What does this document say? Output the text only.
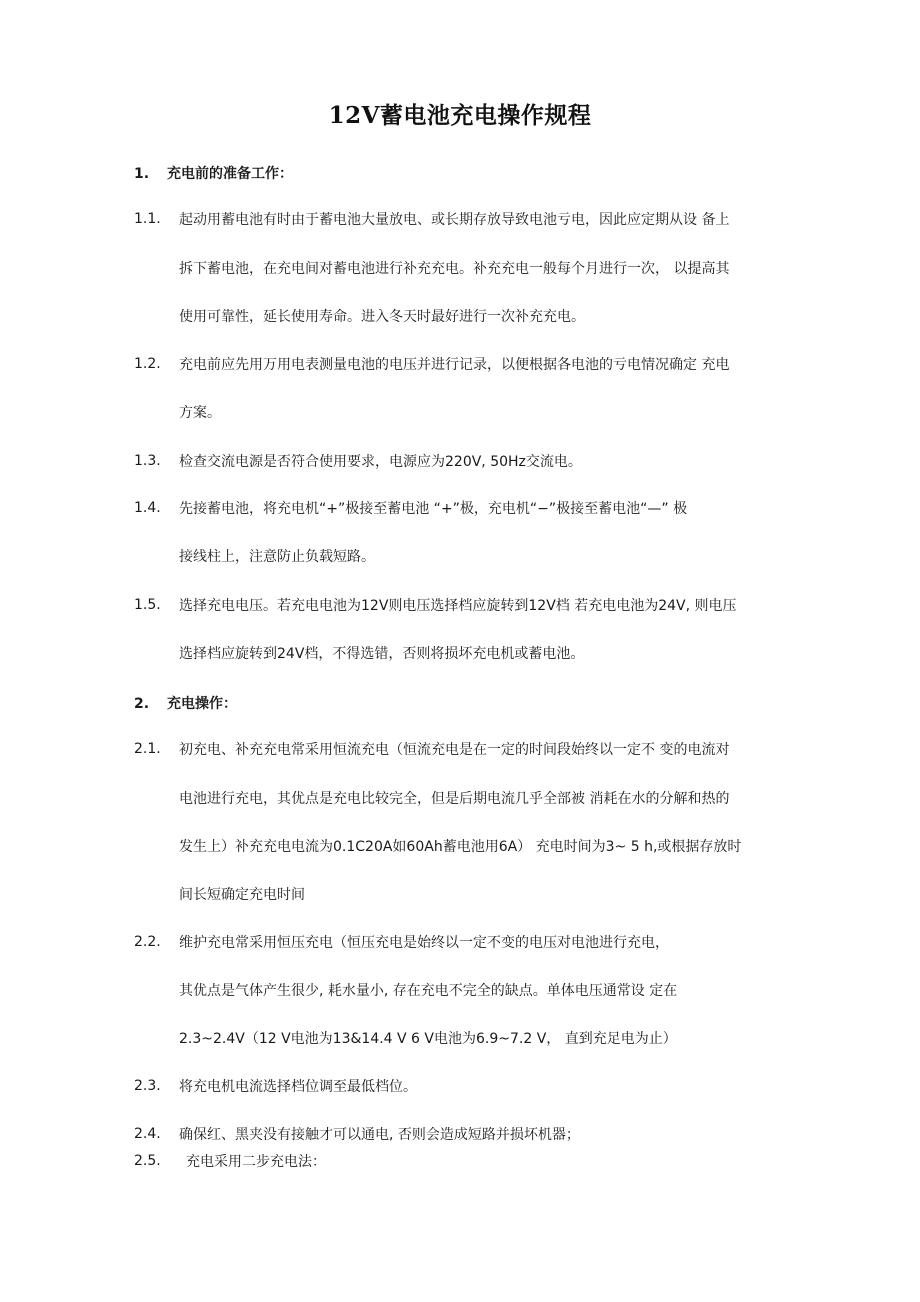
12V蓄电池充电操作规程
1. 充电前的准备工作：
1.1. 起动用蓄电池有时由于蓄电池大量放电、或长期存放导致电池亏电，因此应定期从设 备上
拆下蓄电池，在充电间对蓄电池进行补充充电。补充充电一般每个月进行一次， 以提高其
使用可靠性，延长使用寿命。进入冬天时最好进行一次补充充电。
1.2. 充电前应先用万用电表测量电池的电压并进行记录，以便根据各电池的亏电情况确定 充电
方案。
1.3. 检查交流电源是否符合使用要求，电源应为220V, 50Hz交流电。
1.4. 先接蓄电池，将充电机“+”极接至蓄电池 “+”极，充电机“−”极接至蓄电池“—” 极
接线柱上，注意防止负载短路。
1.5. 选择充电电压。若充电电池为12V则电压选择档应旋转到12V档 若充电电池为24V, 则电压
选择档应旋转到24V档，不得选错，否则将损坏充电机或蓄电池。
2. 充电操作：
2.1. 初充电、补充充电常采用恒流充电（恒流充电是在一定的时间段始终以一定不 变的电流对
电池进行充电，其优点是充电比较完全，但是后期电流几乎全部被 消耗在水的分解和热的
发生上）补充充电电流为0.1C20A如60Ah蓄电池用6A） 充电时间为3~ 5 h,或根据存放时
间长短确定充电时间
2.2. 维护充电常采用恒压充电（恒压充电是始终以一定不变的电压对电池进行充电，
其优点是气体产生很少, 耗水量小, 存在充电不完全的缺点。单体电压通常设 定在
2.3~2.4V（12 V电池为13&14.4 V 6 V电池为6.9~7.2 V， 直到充足电为止）
2.3. 将充电机电流选择档位调至最低档位。
2.4. 确保红、黑夹没有接触才可以通电, 否则会造成短路并损坏机器；
2.5. 充电采用二步充电法：
